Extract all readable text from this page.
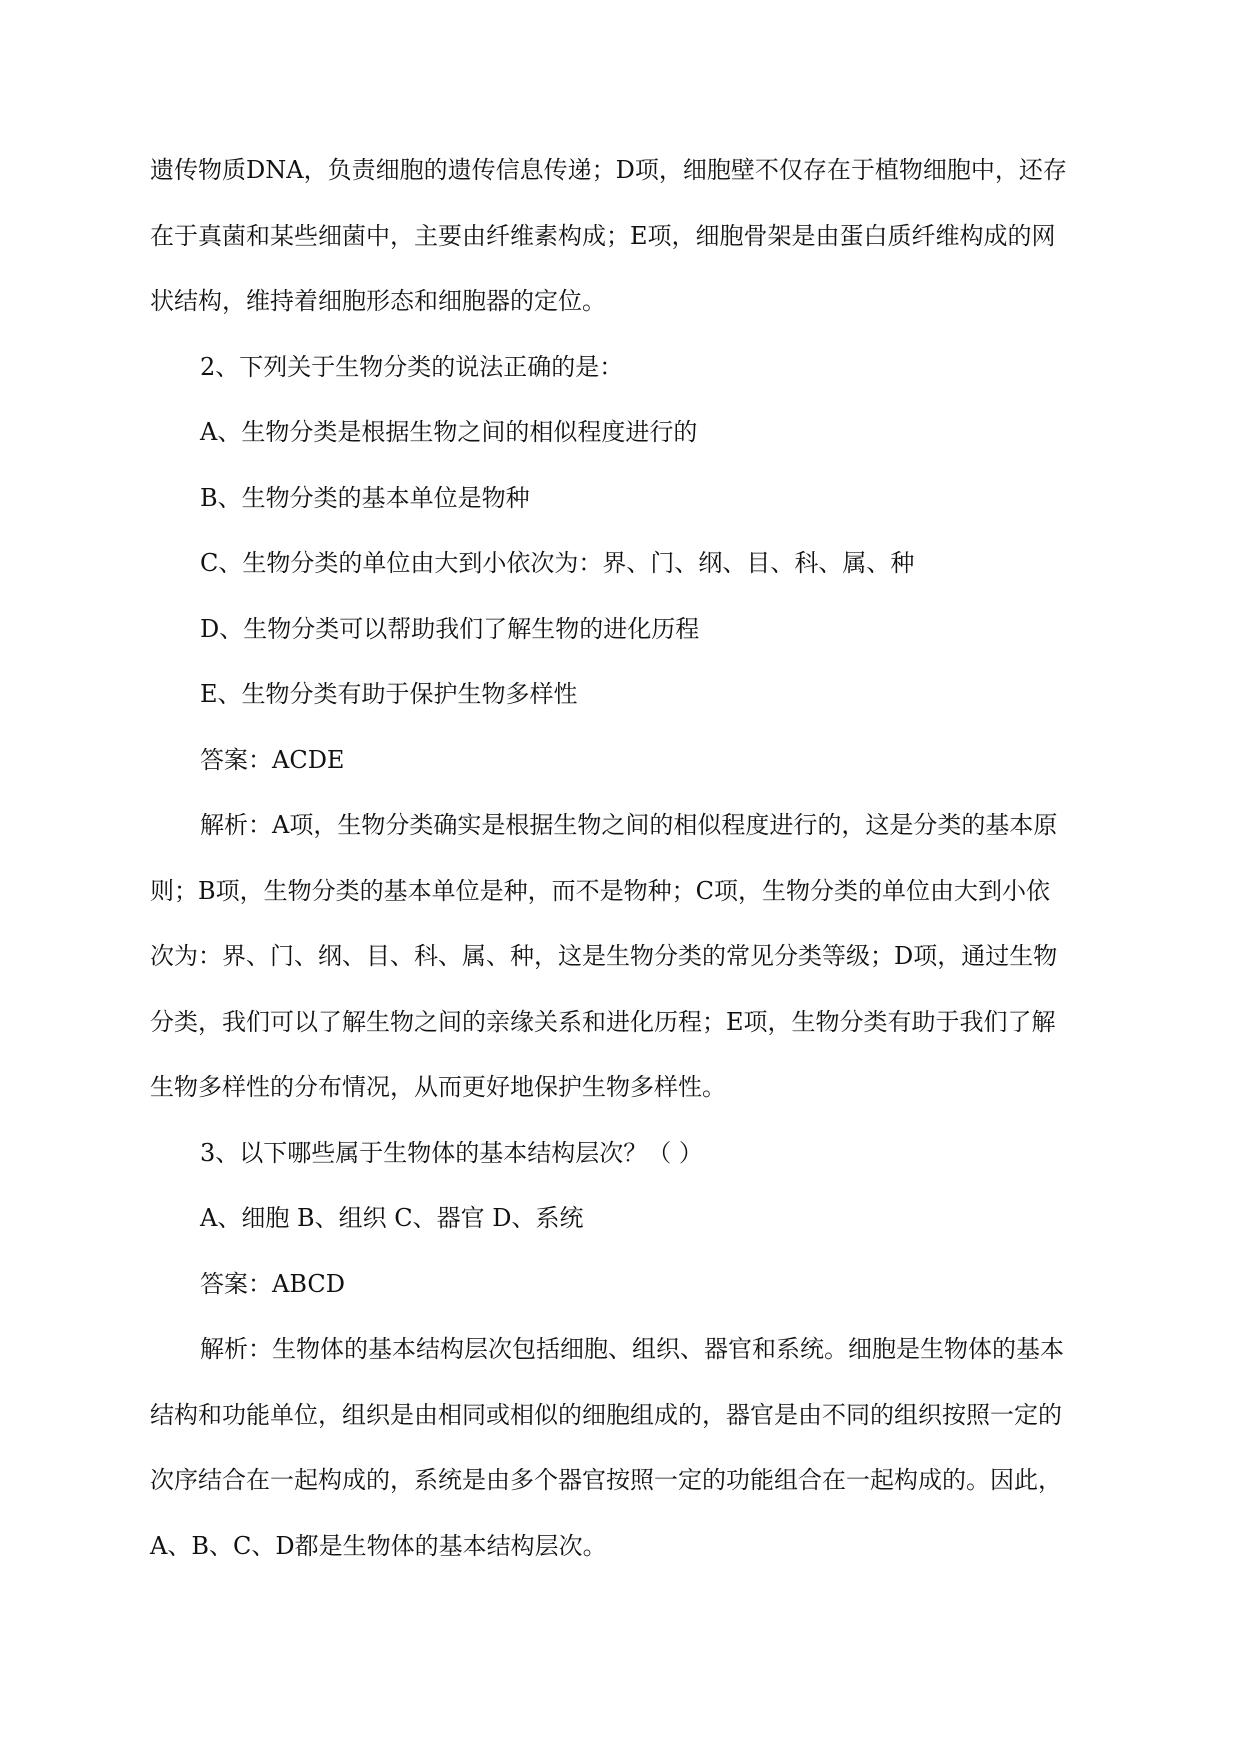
遗传物质DNA，负责细胞的遗传信息传递；D项，细胞壁不仅存在于植物细胞中，还存
在于真菌和某些细菌中，主要由纤维素构成；E项，细胞骨架是由蛋白质纤维构成的网
状结构，维持着细胞形态和细胞器的定位。

2、下列关于生物分类的说法正确的是：

A、生物分类是根据生物之间的相似程度进行的

B、生物分类的基本单位是物种

C、生物分类的单位由大到小依次为：界、门、纲、目、科、属、种

D、生物分类可以帮助我们了解生物的进化历程

E、生物分类有助于保护生物多样性

答案：ACDE

解析：A项，生物分类确实是根据生物之间的相似程度进行的，这是分类的基本原
则；B项，生物分类的基本单位是种，而不是物种；C项，生物分类的单位由大到小依
次为：界、门、纲、目、科、属、种，这是生物分类的常见分类等级；D项，通过生物
分类，我们可以了解生物之间的亲缘关系和进化历程；E项，生物分类有助于我们了解
生物多样性的分布情况，从而更好地保护生物多样性。

3、以下哪些属于生物体的基本结构层次？（ ）

A、细胞 B、组织 C、器官 D、系统

答案：ABCD

解析：生物体的基本结构层次包括细胞、组织、器官和系统。细胞是生物体的基本
结构和功能单位，组织是由相同或相似的细胞组成的，器官是由不同的组织按照一定的
次序结合在一起构成的，系统是由多个器官按照一定的功能组合在一起构成的。因此，
A、B、C、D都是生物体的基本结构层次。
